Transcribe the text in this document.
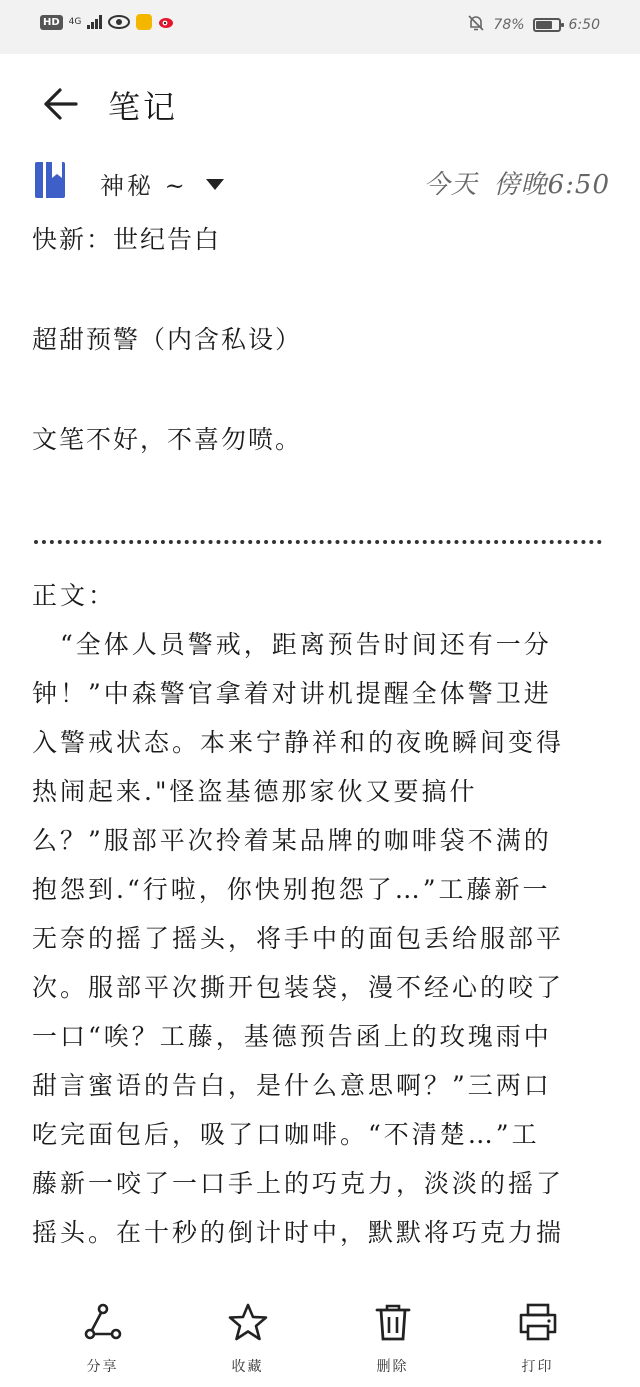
HD	4G	78%	6:50
笔记
神秘 ~	今天 傍晚6:50
快新：世纪告白
超甜预警（内含私设）
文笔不好，不喜勿喷。
正文：
　“全体人员警戒，距离预告时间还有一分
钟！”中森警官拿着对讲机提醒全体警卫进
入警戒状态。本来宁静祥和的夜晚瞬间变得
热闹起来."怪盗基德那家伙又要搞什
么？”服部平次拎着某品牌的咖啡袋不满的
抱怨到.“行啦，你快别抱怨了…”工藤新一
无奈的摇了摇头，将手中的面包丢给服部平
次。服部平次撕开包装袋，漫不经心的咬了
一口“唉？工藤，基德预告函上的玫瑰雨中
甜言蜜语的告白，是什么意思啊？”三两口
吃完面包后，吸了口咖啡。“不清楚…”工
藤新一咬了一口手上的巧克力，淡淡的摇了
摇头。在十秒的倒计时中，默默将巧克力揣
分享	收藏	删除	打印
